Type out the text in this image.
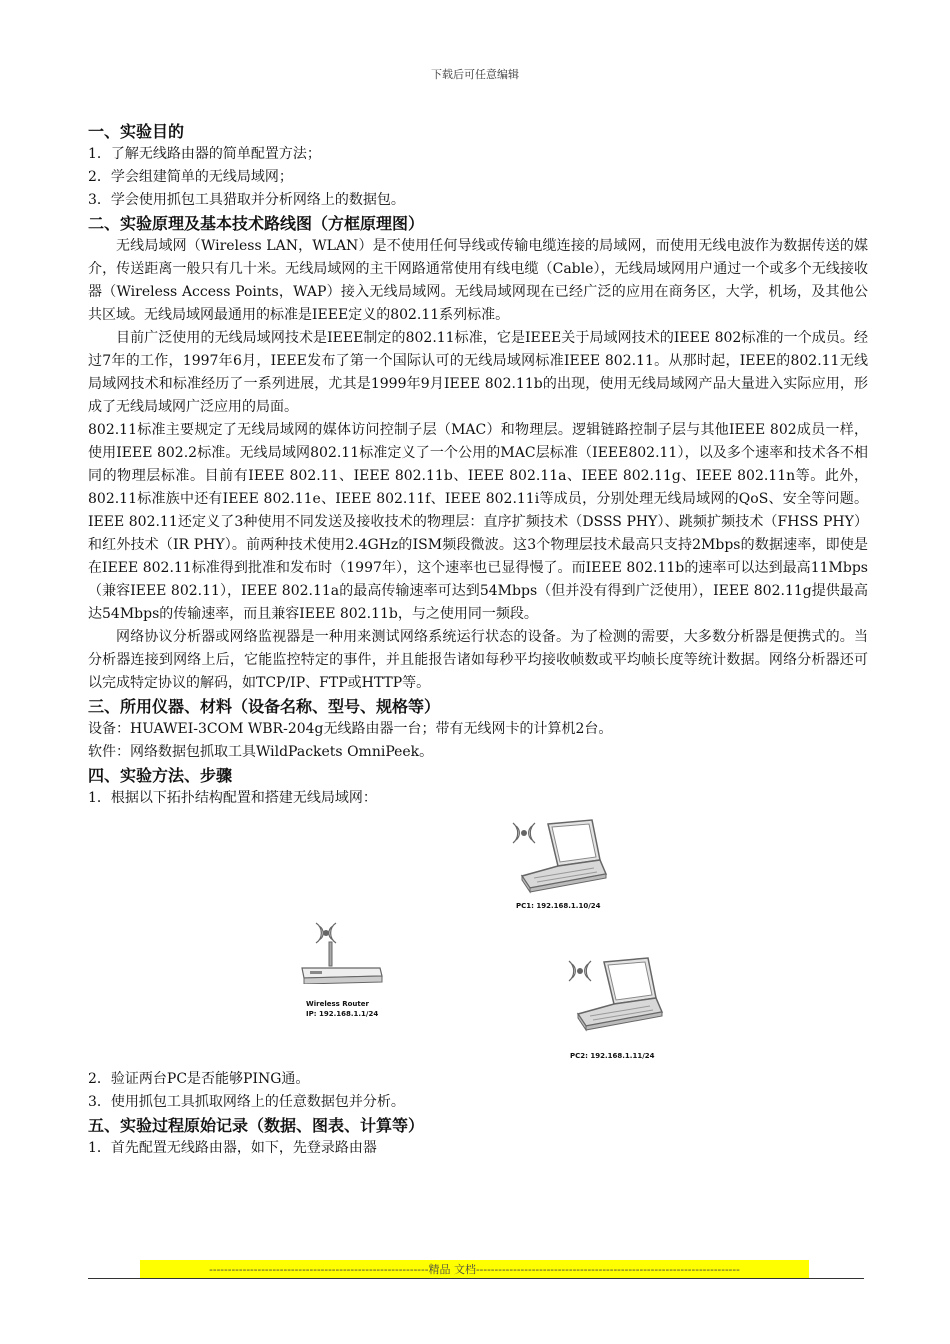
下载后可任意编辑
一、实验目的
1．了解无线路由器的简单配置方法；
2．学会组建简单的无线局域网；
3．学会使用抓包工具猎取并分析网络上的数据包。
二、实验原理及基本技术路线图（方框原理图）

无线局域网（Wireless LAN，WLAN）是不使用任何导线或传输电缆连接的局域网，而使用无线电波作为数据传送的媒介，传送距离一般只有几十米。无线局域网的主干网路通常使用有线电缆（Cable），无线局域网用户通过一个或多个无线接收器（Wireless Access Points，WAP）接入无线局域网。无线局域网现在已经广泛的应用在商务区，大学，机场，及其他公共区域。无线局域网最通用的标准是IEEE定义的802.11系列标准。

目前广泛使用的无线局域网技术是IEEE制定的802.11标准，它是IEEE关于局域网技术的IEEE 802标准的一个成员。经过7年的工作，1997年6月，IEEE发布了第一个国际认可的无线局域网标准IEEE 802.11。从那时起，IEEE的802.11无线局域网技术和标准经历了一系列进展，尤其是1999年9月IEEE 802.11b的出现，使用无线局域网产品大量进入实际应用，形成了无线局域网广泛应用的局面。

802.11标准主要规定了无线局域网的媒体访问控制子层（MAC）和物理层。逻辑链路控制子层与其他IEEE 802成员一样，使用IEEE 802.2标准。无线局域网802.11标准定义了一个公用的MAC层标准（IEEE802.11），以及多个速率和技术各不相同的物理层标准。目前有IEEE 802.11、IEEE 802.11b、IEEE 802.11a、IEEE 802.11g、IEEE 802.11n等。此外，802.11标准族中还有IEEE 802.11e、IEEE 802.11f、IEEE 802.11i等成员，分别处理无线局域网的QoS、安全等问题。IEEE 802.11还定义了3种使用不同发送及接收技术的物理层：直序扩频技术（DSSS PHY）、跳频扩频技术（FHSS PHY）和红外技术（IR PHY）。前两种技术使用2.4GHz的ISM频段微波。这3个物理层技术最高只支持2Mbps的数据速率，即使是在IEEE 802.11标准得到批准和发布时（1997年），这个速率也已显得慢了。而IEEE 802.11b的速率可以达到最高11Mbps（兼容IEEE 802.11），IEEE 802.11a的最高传输速率可达到54Mbps（但并没有得到广泛使用），IEEE 802.11g提供最高达54Mbps的传输速率，而且兼容IEEE 802.11b，与之使用同一频段。

网络协议分析器或网络监视器是一种用来测试网络系统运行状态的设备。为了检测的需要，大多数分析器是便携式的。当分析器连接到网络上后，它能监控特定的事件，并且能报告诸如每秒平均接收帧数或平均帧长度等统计数据。网络分析器还可以完成特定协议的解码，如TCP/IP、FTP或HTTP等。

三、所用仪器、材料（设备名称、型号、规格等）
设备：HUAWEI-3COM WBR-204g无线路由器一台；带有无线网卡的计算机2台。
软件：网络数据包抓取工具WildPackets OmniPeek。
四、实验方法、步骤
1．根据以下拓扑结构配置和搭建无线局域网：
PC1: 192.168.1.10/24
Wireless Router
IP: 192.168.1.1/24
PC2: 192.168.1.11/24
2．验证两台PC是否能够PING通。
3．使用抓包工具抓取网络上的任意数据包并分析。
五、实验过程原始记录（数据、图表、计算等）
1．首先配置无线路由器，如下，先登录路由器
-----------------------------------------------------------精品 文档-----------------------------------------------------------------------
